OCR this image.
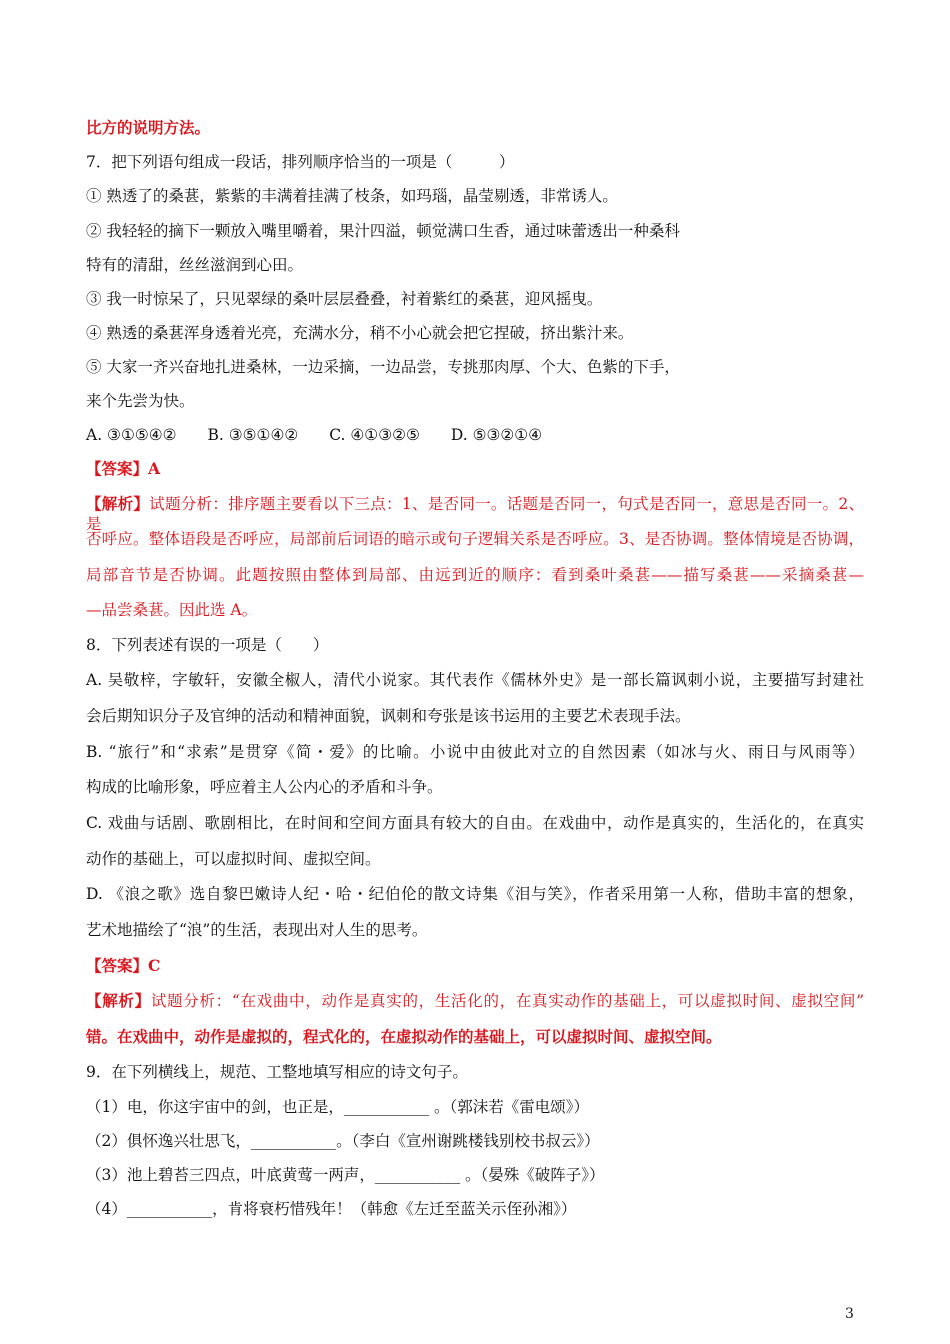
比方的说明方法。
7．把下列语句组成一段话，排列顺序恰当的一项是（　　　）
① 熟透了的桑葚，紫紫的丰满着挂满了枝条，如玛瑙，晶莹剔透，非常诱人。
② 我轻轻的摘下一颗放入嘴里嚼着，果汁四溢，顿觉满口生香，通过味蕾透出一种桑科
特有的清甜，丝丝滋润到心田。
③ 我一时惊呆了，只见翠绿的桑叶层层叠叠，衬着紫红的桑葚，迎风摇曳。
④ 熟透的桑葚浑身透着光亮，充满水分，稍不小心就会把它捏破，挤出紫汁来。
⑤ 大家一齐兴奋地扎进桑林，一边采摘，一边品尝，专挑那肉厚、个大、色紫的下手，
来个先尝为快。
A. ③①⑤④②　　B. ③⑤①④②　　C. ④①③②⑤　　D. ⑤③②①④
【答案】A
【解析】试题分析：排序题主要看以下三点：1、是否同一。话题是否同一，句式是否同一，意思是否同一。2、是
否呼应。整体语段是否呼应，局部前后词语的暗示或句子逻辑关系是否呼应。3、是否协调。整体情境是否协调，
局部音节是否协调。此题按照由整体到局部、由远到近的顺序：看到桑叶桑葚——描写桑葚——采摘桑葚—
—品尝桑葚。因此选 A。
8．下列表述有误的一项是（　　）
A. 吴敬梓，字敏轩，安徽全椒人，清代小说家。其代表作《儒林外史》是一部长篇讽刺小说，主要描写封建社
会后期知识分子及官绅的活动和精神面貌，讽刺和夸张是该书运用的主要艺术表现手法。
B. “旅行”和“求索”是贯穿《简・爱》的比喻。小说中由彼此对立的自然因素（如冰与火、雨日与风雨等）
构成的比喻形象，呼应着主人公内心的矛盾和斗争。
C. 戏曲与话剧、歌剧相比，在时间和空间方面具有较大的自由。在戏曲中，动作是真实的，生活化的，在真实
动作的基础上，可以虚拟时间、虚拟空间。
D. 《浪之歌》选自黎巴嫩诗人纪・哈・纪伯伦的散文诗集《泪与笑》，作者采用第一人称，借助丰富的想象，
艺术地描绘了“浪”的生活，表现出对人生的思考。
【答案】C
【解析】试题分析：“在戏曲中，动作是真实的，生活化的，在真实动作的基础上，可以虚拟时间、虚拟空间”
错。在戏曲中，动作是虚拟的，程式化的，在虚拟动作的基础上，可以虚拟时间、虚拟空间。
9．在下列横线上，规范、工整地填写相应的诗文句子。
（1）电，你这宇宙中的剑，也正是，___________ 。（郭沫若《雷电颂》）
（2）俱怀逸兴壮思飞，___________。（李白《宣州谢跳楼钱别校书叔云》）
（3）池上碧苔三四点，叶底黄莺一两声，___________ 。（晏殊《破阵子》）
（4）___________，肯将衰朽惜残年！（韩愈《左迁至蓝关示侄孙湘》）
3
